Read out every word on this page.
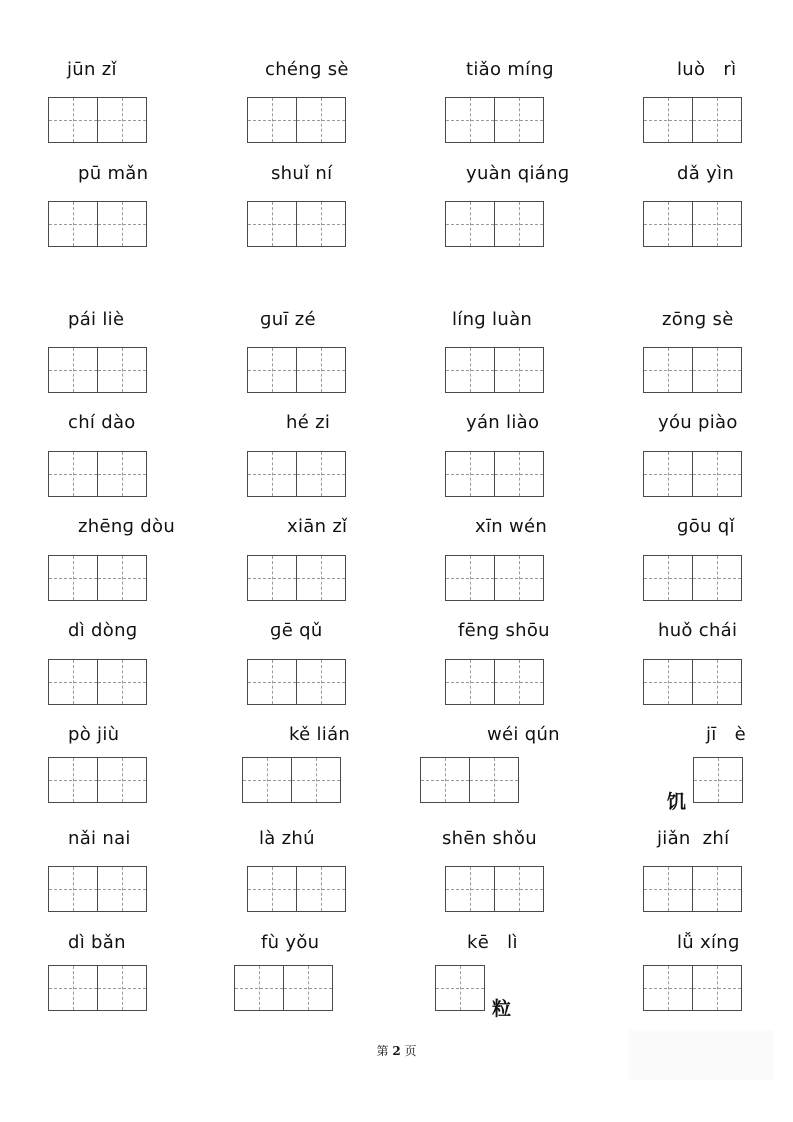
jūn zǐ	chénɡ sè	tiǎo mínɡ	luò   rì
pū mǎn	shuǐ ní	yuàn qiánɡ	dǎ yìn
pái liè	ɡuī zé	línɡ luàn	zōnɡ sè
chí dào	hé zi	yán liào	yóu piào
zhēnɡ dòu	xiān zǐ	xīn wén	ɡōu qǐ
dì dònɡ	ɡē qǔ	fēnɡ shōu	huǒ chái
pò jiù	kě lián	wéi qún	jī   è
饥
nǎi nai	là zhú	shēn shǒu	jiǎn  zhí
dì bǎn	fù yǒu	kē   lì	lǚ xínɡ
粒
第 2 页
